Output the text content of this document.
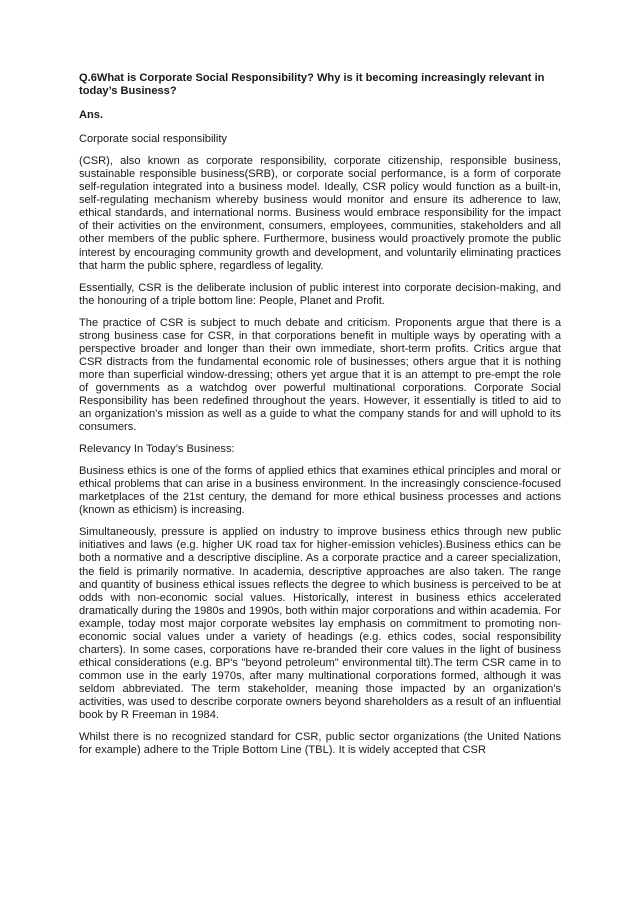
Q.6What is Corporate Social Responsibility? Why is it becoming increasingly relevant in today’s Business?
Ans.

Corporate social responsibility

(CSR), also known as corporate responsibility, corporate citizenship, responsible business, sustainable responsible business(SRB), or corporate social performance, is a form of corporate self-regulation integrated into a business model. Ideally, CSR policy would function as a built-in, self-regulating mechanism whereby business would monitor and ensure its adherence to law, ethical standards, and international norms. Business would embrace responsibility for the impact of their activities on the environment, consumers, employees, communities, stakeholders and all other members of the public sphere. Furthermore, business would proactively promote the public interest by encouraging community growth and development, and voluntarily eliminating practices that harm the public sphere, regardless of legality.

Essentially, CSR is the deliberate inclusion of public interest into corporate decision-making, and the honouring of a triple bottom line: People, Planet and Profit.

The practice of CSR is subject to much debate and criticism. Proponents argue that there is a strong business case for CSR, in that corporations benefit in multiple ways by operating with a perspective broader and longer than their own immediate, short-term profits. Critics argue that CSR distracts from the fundamental economic role of businesses; others argue that it is nothing more than superficial window-dressing; others yet argue that it is an attempt to pre-empt the role of governments as a watchdog over powerful multinational corporations. Corporate Social Responsibility has been redefined throughout the years. However, it essentially is titled to aid to an organization's mission as well as a guide to what the company stands for and will uphold to its consumers.

Relevancy In Today’s Business:

Business ethics is one of the forms of applied ethics that examines ethical principles and moral or ethical problems that can arise in a business environment. In the increasingly conscience-focused marketplaces of the 21st century, the demand for more ethical business processes and actions (known as ethicism) is increasing.

Simultaneously, pressure is applied on industry to improve business ethics through new public initiatives and laws (e.g. higher UK road tax for higher-emission vehicles).Business ethics can be both a normative and a descriptive discipline. As a corporate practice and a career specialization, the field is primarily normative. In academia, descriptive approaches are also taken. The range and quantity of business ethical issues reflects the degree to which business is perceived to be at odds with non-economic social values. Historically, interest in business ethics accelerated dramatically during the 1980s and 1990s, both within major corporations and within academia. For example, today most major corporate websites lay emphasis on commitment to promoting non-economic social values under a variety of headings (e.g. ethics codes, social responsibility charters). In some cases, corporations have re-branded their core values in the light of business ethical considerations (e.g. BP's "beyond petroleum" environmental tilt).The term CSR came in to common use in the early 1970s, after many multinational corporations formed, although it was seldom abbreviated. The term stakeholder, meaning those impacted by an organization's activities, was used to describe corporate owners beyond shareholders as a result of an influential book by R Freeman in 1984.

Whilst there is no recognized standard for CSR, public sector organizations (the United Nations for example) adhere to the Triple Bottom Line (TBL). It is widely accepted that CSR
